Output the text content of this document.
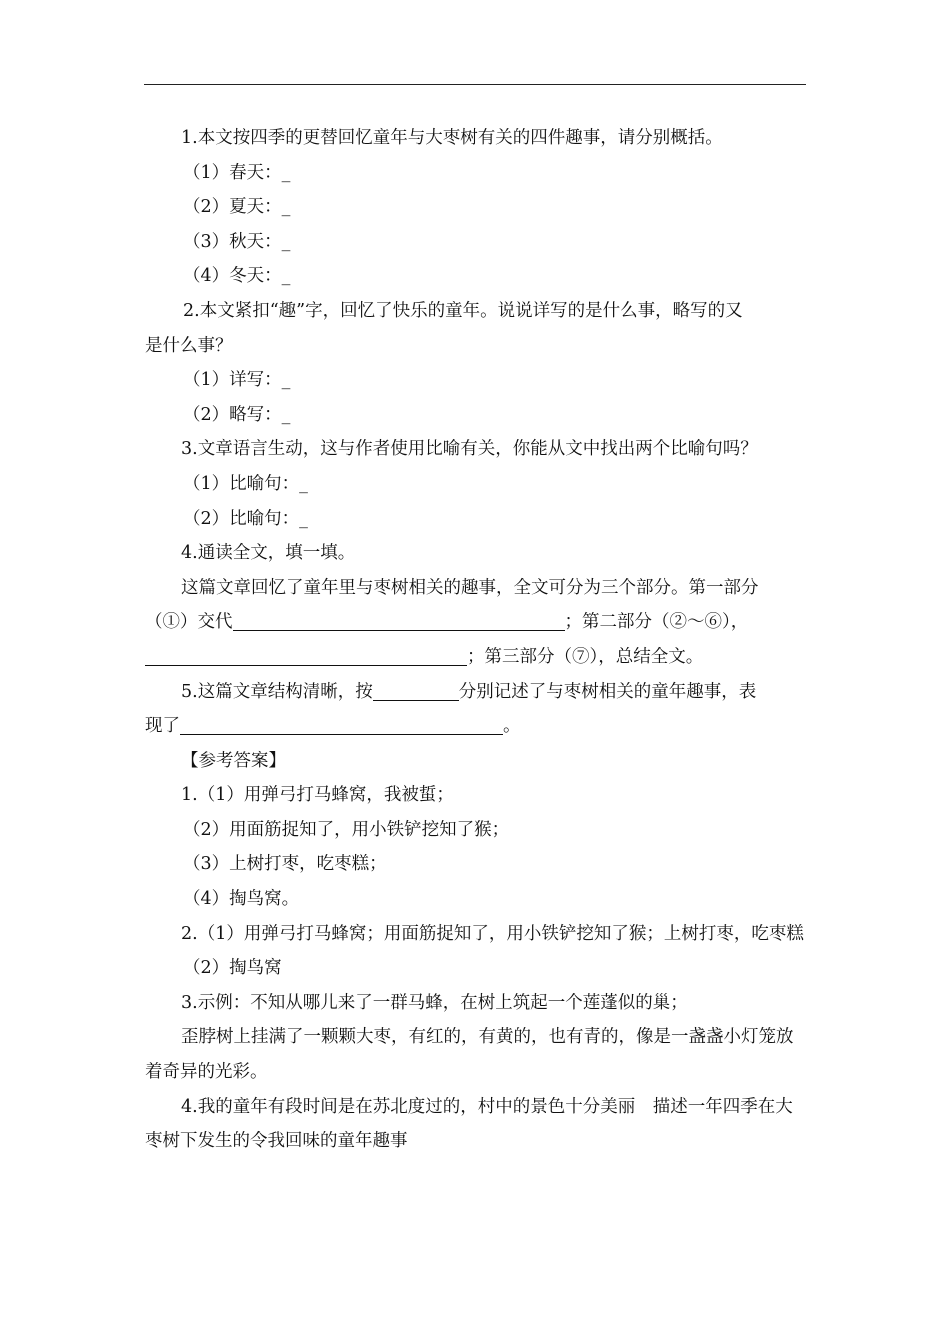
1.本文按四季的更替回忆童年与大枣树有关的四件趣事，请分别概括。

（1）春天：_

（2）夏天：_

（3）秋天：_

（4）冬天：_

2.本文紧扣“趣”字，回忆了快乐的童年。说说详写的是什么事，略写的又

是什么事？

（1）详写：_

（2）略写：_

3.文章语言生动，这与作者使用比喻有关，你能从文中找出两个比喻句吗？

（1）比喻句：_

（2）比喻句：_

4.通读全文，填一填。

这篇文章回忆了童年里与枣树相关的趣事，全文可分为三个部分。第一部分

（①）交代	；第二部分（②～⑥），

；第三部分（⑦），总结全文。

5.这篇文章结构清晰，按	分别记述了与枣树相关的童年趣事，表

现了	。

【参考答案】

1.（1）用弹弓打马蜂窝，我被蜇；

（2）用面筋捉知了，用小铁铲挖知了猴；

（3）上树打枣，吃枣糕；

（4）掏鸟窝。

2.（1）用弹弓打马蜂窝；用面筋捉知了，用小铁铲挖知了猴；上树打枣，吃枣糕

（2）掏鸟窝

3.示例：不知从哪儿来了一群马蜂，在树上筑起一个莲蓬似的巢；

歪脖树上挂满了一颗颗大枣，有红的，有黄的，也有青的，像是一盏盏小灯笼放着奇异的光彩。

4.我的童年有段时间是在苏北度过的，村中的景色十分美丽　描述一年四季在大枣树下发生的令我回味的童年趣事
